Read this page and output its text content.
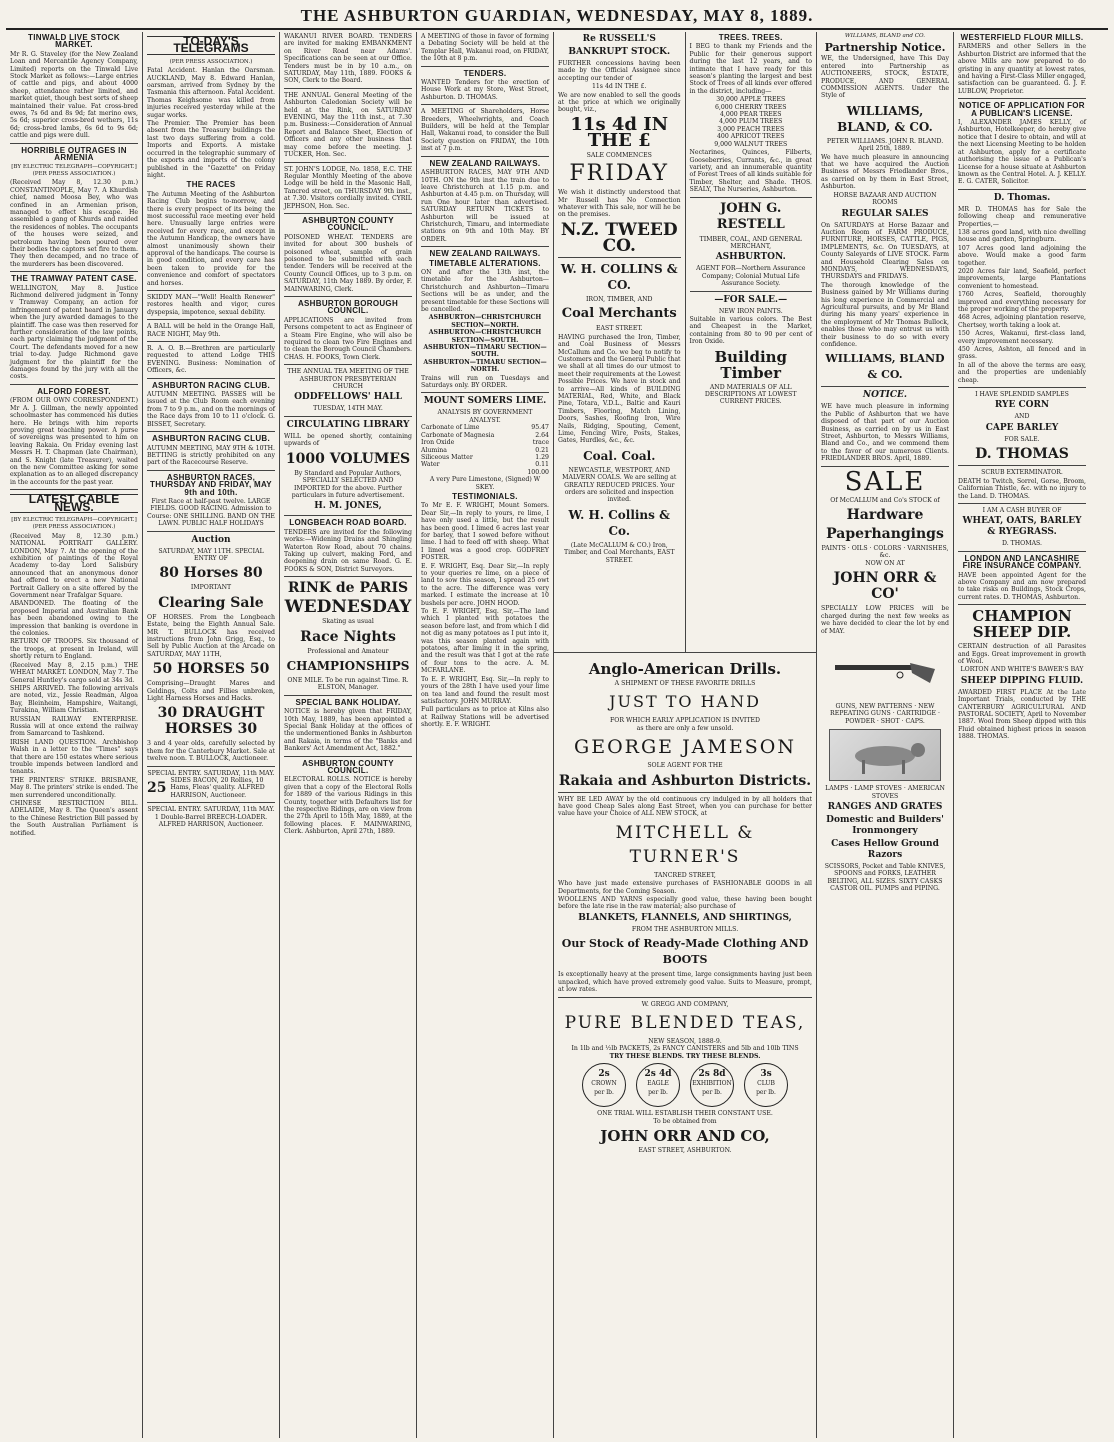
THE ASHBURTON GUARDIAN, WEDNESDAY, MAY 8, 1889.
TINWALD LIVE STOCK MARKET.
Mr R. G. Staveley (for the New Zealand Loan and Mercantile Agency Company, Limited) reports on the Tinwald Live Stock Market as follows:—Large entries of cattle and pigs, and about 4000 sheep, attendance rather limited, and market quiet, though best sorts of sheep maintained their value. Fat cross-bred ewes, 7s 6d and 8s 9d; fat merino ews, 5s 6d; superior cross-bred wethers, 11s 6d; cross-bred lambs, 6s 6d to 9s 6d; cattle and pigs were dull.
HORRIBLE OUTRAGES IN ARMENIA
[BY ELECTRIC TELEGRAPH—COPYRIGHT.] (PER PRESS ASSOCIATION.)
(Received May 8, 12.30 p.m.) CONSTANTINOPLE, May 7. A Khurdish chief, named Moosa Bey, who was confined in an Armenian prison, managed to effect his escape. He assembled a gang of Khurds and raided the residences of nobles. The occupants of the houses were seized, and petroleum having been poured over their bodies the captors set fire to them. They then decamped, and no trace of the murderers has been discovered.
THE TRAMWAY PATENT CASE.
WELLINGTON, May 8. Justice Richmond delivered judgment in Tonny v Tramway Company, an action for infringement of patent heard in January when the jury awarded damages to the plaintiff. The case was then reserved for further consideration of the law points, each party claiming the judgment of the Court. The defendants moved for a new trial to-day. Judge Richmond gave judgment for the plaintiff for the damages found by the jury with all the costs.
ALFORD FOREST.
(FROM OUR OWN CORRESPONDENT.) Mr A. J. Gillman, the newly appointed schoolmaster has commenced his duties here. He brings with him reports proving great teaching power. A purse of sovereigns was presented to him on leaving Rakaia. On Friday evening last Messrs H. T. Chapman (late Chairman), and S. Knight (late Treasurer), waited on the new Committee asking for some explanation as to an alleged discrepancy in the accounts for the past year.
LATEST CABLE NEWS.
[BY ELECTRIC TELEGRAPH—COPYRIGHT.] (PER PRESS ASSOCIATION.)
(Received May 8, 12.30 p.m.) NATIONAL PORTRAIT GALLERY. LONDON, May 7. At the opening of the exhibition of paintings of the Royal Academy to-day Lord Salisbury announced that an anonymous donor had offered to erect a new National Portrait Gallery on a site offered by the Government near Trafalgar Square.
ABANDONED. The floating of the proposed Imperial and Australian Bank has been abandoned owing to the impression that banking is overdone in the colonies.
RETURN OF TROOPS. Six thousand of the troops, at present in Ireland, will shortly return to England.
(Received May 8, 2.15 p.m.) THE WHEAT MARKET. LONDON, May 7. The General Huntley's cargo sold at 34s 3d.
SHIPS ARRIVED. The following arrivals are noted, viz., Jessie Readman, Algoa Bay, Bleinheim, Hampshire, Waitangi, Turakina, William Christian.
RUSSIAN RAILWAY ENTERPRISE. Russia will at once extend the railway from Samarcand to Tashkend.
IRISH LAND QUESTION. Archbishop Walsh in a letter to the "Times" says that there are 150 estates where serious trouble impends between landlord and tenants.
THE PRINTERS' STRIKE. BRISBANE, May 8. The printers' strike is ended. The men surrendered unconditionally.
CHINESE RESTRICTION BILL. ADELAIDE, May 8. The Queen's assent to the Chinese Restriction Bill passed by the South Australian Parliament is notified.
TO-DAY'S TELEGRAMS
(PER PRESS ASSOCIATION.)
Fatal Accident. Hanlan the Oarsman. AUCKLAND, May 8. Edward Hanlan, oarsman, arrived from Sydney by the Tasmania this afternoon. Fatal Accident. Thomas Keighsome was killed from injuries received yesterday while at the sugar works.
The Premier. The Premier has been absent from the Treasury buildings the last two days suffering from a cold. Imports and Exports. A mistake occurred in the telegraphic summary of the exports and imports of the colony published in the "Gazette" on Friday night.
THE RACES
The Autumn Meeting of the Ashburton Racing Club begins to-morrow, and there is every prospect of its being the most successful race meeting ever held here. Unusually large entries were received for every race, and except in the Autumn Handicap, the owners have almost unanimously shown their approval of the handicaps. The course is in good condition, and every care has been taken to provide for the convenience and comfort of spectators and horses.
SKIDDY MAN—"Well! Health Renewer" restores health and vigor, cures dyspepsia, impotence, sexual debility.
A BALL will be held in the Orange Hall, RACE NIGHT, May 9th.
R. A. O. B.—Brethren are particularly requested to attend Lodge THIS EVENING. Business: Nomination of Officers, &c.
ASHBURTON RACING CLUB.
AUTUMN MEETING. PASSES will be issued at the Club Room each evening from 7 to 9 p.m., and on the mornings of the Race days from 10 to 11 o'clock. G. BISSET, Secretary.
ASHBURTON RACING CLUB.
AUTUMN MEETING, MAY 9TH & 10TH. BETTING is strictly prohibited on any part of the Racecourse Reserve.
ASHBURTON RACES, THURSDAY AND FRIDAY, MAY 9th and 10th.
First Race at half-past twelve. LARGE FIELDS. GOOD RACING. Admission to Course: ONE SHILLING. BAND ON THE LAWN. PUBLIC HALF HOLIDAYS
Auction
SATURDAY, MAY 11TH. SPECIAL ENTRY OF
80 Horses 80
IMPORTANT
Clearing Sale
OF HORSES. From the Longbeach Estate, being the Eighth Annual Sale. MR T. BULLOCK has received instructions from John Grigg, Esq., to Sell by Public Auction at the Arcade on SATURDAY, MAY 11TH,
50 HORSES 50
Comprising—Draught Mares and Geldings, Colts and Fillies unbroken, Light Harness Horses and Hacks.
30 DRAUGHT HORSES 30
3 and 4 year olds, carefully selected by them for the Canterbury Market. Sale at twelve noon. T. BULLOCK, Auctioneer.
SPECIAL ENTRY. SATURDAY, 11th MAY.
25 SIDES BACON, 20 Rollies, 10 Hams, Fleas' quality. ALFRED HARRISON, Auctioneer.
SPECIAL ENTRY. SATURDAY, 11th MAY. 1 Double-Barrel BREECH-LOADER. ALFRED HARRISON, Auctioneer.
WAKANUI RIVER BOARD. TENDERS are invited for making EMBANKMENT on River Road near Adams'. Specifications can be seen at our Office. Tenders must be in by 10 a.m., on SATURDAY, May 11th, 1889. FOOKS & SON, Clerk to the Board.
THE ANNUAL General Meeting of the Ashburton Caledonian Society will be held at the Rink, on SATURDAY EVENING, May the 11th inst., at 7.30 p.m. Business:—Consideration of Annual Report and Balance Sheet, Election of Officers and any other business that may come before the meeting. J. TUCKER, Hon. Sec.
ST. JOHN'S LODGE, No. 1858, E.C. THE Regular Monthly Meeting of the above Lodge will be held in the Masonic Hall, Tancred street, on THURSDAY 9th inst., at 7.30. Visitors cordially invited. CYRIL JEPHSON, Hon. Sec.
ASHBURTON COUNTY COUNCIL.
POISONED WHEAT. TENDERS are invited for about 300 bushels of poisoned wheat, sample of grain poisoned to be submitted with each tender. Tenders will be received at the County Council Offices, up to 3 p.m. on SATURDAY, 11th May 1889. By order, F. MAINWARING, Clerk.
ASHBURTON BOROUGH COUNCIL.
APPLICATIONS are invited from Persons competent to act as Engineer of a Steam Fire Engine, who will also be required to clean two Fire Engines and to clean the Borough Council Chambers. CHAS. H. FOOKS, Town Clerk.
THE ANNUAL TEA MEETING OF THE ASHBURTON PRESBYTERIAN CHURCH
ODDFELLOWS' HALL
TUESDAY, 14TH MAY.
CIRCULATING LIBRARY
WILL be opened shortly, containing upwards of
1000 VOLUMES
By Standard and Popular Authors, SPECIALLY SELECTED AND IMPORTED for the above. Further particulars in future advertisement.
H. M. JONES,
LONGBEACH ROAD BOARD.
TENDERS are invited for the following works:—Widening Drains and Shingling Waterton Row Road, about 70 chains. Taking up culvert, making Ford, and deepening drain on same Road. G. E. FOOKS & SON, District Surveyors.
RINK de PARIS
WEDNESDAY
Skating as usual
Race Nights
Professional and Amateur
CHAMPIONSHIPS
ONE MILE. To be run against Time. R. ELSTON, Manager.
SPECIAL BANK HOLIDAY.
NOTICE is hereby given that FRIDAY, 10th May, 1889, has been appointed a Special Bank Holiday at the offices of the undermentioned Banks in Ashburton and Rakaia, in terms of the "Banks and Bankers' Act Amendment Act, 1882."
ASHBURTON COUNTY COUNCIL.
ELECTORAL ROLLS. NOTICE is hereby given that a copy of the Electoral Rolls for 1889 of the various Ridings in this County, together with Defaulters list for the respective Ridings, are on view from the 27th April to 15th May, 1889, at the following places. F. MAINWARING, Clerk. Ashburton, April 27th, 1889.
A MEETING of those in favor of forming a Debating Society will be held at the Templar Hall, Wakanui road, on FRIDAY, the 10th at 8 p.m.
TENDERS.
WANTED Tenders for the erection of House Work at my Store, West Street, Ashburton. D. THOMAS.
A MEETING of Shareholders, Horse Breeders, Wheelwrights, and Coach Builders, will be held at the Templar Hall, Wakanui road, to consider the Bull Society question on FRIDAY, the 10th inst at 7 p.m.
NEW ZEALAND RAILWAYS.
ASHBURTON RACES, MAY 9TH AND 10TH. ON the 9th inst the train due to leave Christchurch at 1.15 p.m. and Ashburton at 4.45 p.m. on Thursday, will run One hour later than advertised. SATURDAY RETURN TICKETS to Ashburton will be issued at Christchurch, Timaru, and intermediate stations on 9th and 10th May. BY ORDER.
NEW ZEALAND RAILWAYS.
TIMETABLE ALTERATIONS.
ON and after the 13th inst, the timetable for the Ashburton—Christchurch and Ashburton—Timaru Sections will be as under, and the present timetable for these Sections will be cancelled.
ASHBURTON—CHRISTCHURCH SECTION—NORTH.
ASHBURTON—CHRISTCHURCH SECTION—SOUTH.
ASHBURTON—TIMARU SECTION—SOUTH.
ASHBURTON—TIMARU SECTION—NORTH.
Trains will run on Tuesdays and Saturdays only. BY ORDER.
MOUNT SOMERS LIME.
ANALYSIS BY GOVERNMENT ANALYST.
Carbonate of Lime	95.47
Carbonate of Magnesia	2.64
Iron Oxide	trace
Alumina	0.21
Siliceous Matter	1.29
Water	0.11
100.00
A very Pure Limestone, (Signed) W SKEY.
TESTIMONIALS.
To Mr E. F. WRIGHT, Mount Somers. Dear Sir,—In reply to yours, re lime, I have only used a little, but the result has been good. I limed 6 acres last year for barley, that I sowed before without lime. I had to feed off with sheep. What I limed was a good crop. GODFREY FOSTER.
E. F. WRIGHT, Esq. Dear Sir,—In reply to your queries re lime, on a piece of land to sow this season, I spread 25 owt to the acre. The difference was very marked. I estimate the increase at 10 bushels per acre. JOHN HOOD.
To E. F. WRIGHT, Esq. Sir,—The land which I planted with potatoes the season before last, and from which I did not dig as many potatoes as I put into it, was this season planted again with potatoes, after liming it in the spring, and the result was that I got at the rate of four tons to the acre. A. M. MCFARLANE.
To E. F. WRIGHT, Esq. Sir,—In reply to yours of the 28th I have used your lime on tea land and found the result most satisfactory. JOHN MURRAY.
Full particulars as to price at Kilns also at Railway Stations will be advertised shortly. E. F. WRIGHT.
Re RUSSELL'S
BANKRUPT STOCK.
FURTHER concessions having been made by the Official Assignee since accepting our tender of
11s 4d IN THE £.
We are now enabled to sell the goods at the price at which we originally bought, viz.,
11s 4d IN THE £
SALE COMMENCES
FRIDAY
We wish it distinctly understood that Mr Russell has No Connection whatever with This sale, nor will he be on the premises.
N.Z. TWEED CO.
W. H. COLLINS & CO.
IRON, TIMBER, AND
Coal Merchants
EAST STREET.
HAVING purchased the Iron, Timber, and Coal Business of Messrs McCallum and Co. we beg to notify to Customers and the General Public that we shall at all times do our utmost to meet their requirements at the Lowest Possible Prices. We have in stock and to arrive—All kinds of BUILDING MATERIAL, Red, White, and Black Pine, Totara, V.D.L., Baltic and Kauri Timbers, Flooring, Match Lining, Doors, Sashes, Roofing Iron, Wire Nails, Ridging, Spouting, Cement, Lime, Fencing Wire, Posts, Stakes, Gates, Hurdles, &c., &c.
Coal. Coal.
NEWCASTLE, WESTPORT, AND MALVERN COALS. We are selling at GREATLY REDUCED PRICES. Your orders are solicited and inspection invited.
W. H. Collins & Co.
(Late McCALLUM & CO.) Iron, Timber, and Coal Merchants, EAST STREET.
TREES. TREES.
I BEG to thank my Friends and the Public for their generous support during the last 12 years, and to intimate that I have ready for this season's planting the largest and best Stock of Trees of all kinds ever offered in the district, including—
30,000 APPLE TREES
6,000 CHERRY TREES
4,000 PEAR TREES
4,000 PLUM TREES
3,000 PEACH TREES
400 APRICOT TREES
9,000 WALNUT TREES
Nectarines, Quinces, Filberts, Gooseberries, Currants, &c., in great variety, and an innumerable quantity of Forest Trees of all kinds suitable for Timber, Shelter, and Shade. THOS. SEALY, The Nurseries, Ashburton.
JOHN G. RESTELL
TIMBER, COAL, AND GENERAL MERCHANT,
ASHBURTON.
AGENT FOR—Northern Assurance Company; Colonial Mutual Life Assurance Society.
—FOR SALE.—
NEW IRON PAINTS.
Suitable in various colors. The Best and Cheapest in the Market, containing from 80 to 90 per cent of Iron Oxide.
Building Timber
AND MATERIALS OF ALL DESCRIPTIONS AT LOWEST CURRENT PRICES.
Anglo-American Drills.
A SHIPMENT OF THESE FAVORITE DRILLS
JUST TO HAND
FOR WHICH EARLY APPLICATION IS INVITED
as there are only a few unsold.
GEORGE JAMESON
SOLE AGENT FOR THE
Rakaia and Ashburton Districts.
WHY BE LED AWAY by the old continuous cry indulged in by all holders that have good Cheap Sales along East Street, when you can purchase for better value have your Choice of ALL NEW STOCK, at
MITCHELL & TURNER'S
TANCRED STREET,
Who have just made extensive purchases of FASHIONABLE GOODS in all Departments, for the Coming Season.
WOOLLENS AND YARNS especially good value, these having been bought before the late rise in the raw material; also purchase of
BLANKETS, FLANNELS, AND SHIRTINGS,
FROM THE ASHBURTON MILLS.
Our Stock of Ready-Made Clothing AND BOOTS
Is exceptionally heavy at the present time, large consignments having just been unpacked, which have proved extremely good value. Suits to Measure, prompt, at low rates.
W. GREGG AND COMPANY,
PURE BLENDED TEAS,
NEW SEASON, 1888-9.
In 1lb and ½lb PACKETS, 2s FANCY CANISTERS and 5lb and 10lb TINS
TRY THESE BLENDS. TRY THESE BLENDS.
2s
CROWN
per lb.
2s 4d
EAGLE
per lb.
2s 8d
EXHIBITION
per lb.
3s
CLUB
per lb.
ONE TRIAL WILL ESTABLISH THEIR CONSTANT USE.
To be obtained from
JOHN ORR AND CO,
EAST STREET, ASHBURTON.
WILLIAMS, BLAND and CO.
Partnership Notice.
WE, the Undersigned, have This Day entered into Partnership as AUCTIONEERS, STOCK, ESTATE, PRODUCE, AND GENERAL COMMISSION AGENTS. Under the Style of
WILLIAMS, BLAND, & CO.
PETER WILLIAMS. JOHN R. BLAND. April 25th, 1889.
We have much pleasure in announcing that we have acquired the Auction Business of Messrs Friedlander Bros., as carried on by them in East Street, Ashburton.
HORSE BAZAAR AND AUCTION ROOMS
REGULAR SALES
On SATURDAYS at Horse Bazaar and Auction Room of FARM PRODUCE, FURNITURE, HORSES, CATTLE, PIGS, IMPLEMENTS, &c. On TUESDAYS, at County Saleyards of LIVE STOCK. Farm and Household Clearing Sales on MONDAYS, WEDNESDAYS, THURSDAYS and FRIDAYS.
The thorough knowledge of the Business gained by Mr Williams during his long experience in Commercial and Agricultural pursuits, and by Mr Bland during his many years' experience in the employment of Mr Thomas Bullock, enables those who may entrust us with their business to do so with every confidence.
WILLIAMS, BLAND & CO.
NOTICE.
WE have much pleasure in informing the Public of Ashburton that we have disposed of that part of our Auction Business, as carried on by us in East Street, Ashburton, to Messrs Williams, Bland and Co., and we commend them to the favor of our numerous Clients. FRIEDLANDER BROS. April, 1889.
SALE
Of McCALLUM and Co's STOCK of
Hardware
Paperhangings
PAINTS · OILS · COLORS · VARNISHES, &c.
NOW ON AT
JOHN ORR & CO'
SPECIALLY LOW PRICES will be charged during the next few weeks as we have decided to clear the lot by end of MAY.
GUNS, NEW PATTERNS · NEW REPEATING GUNS · CARTRIDGE · POWDER · SHOT · CAPS.
LAMPS · LAMP STOVES · AMERICAN STOVES
RANGES AND GRATES
Domestic and Builders' Ironmongery
Cases Hellow Ground Razors
SCISSORS, Pocket and Table KNIVES, SPOONS and FORKS, LEATHER BELTING, ALL SIZES. SIXTY CASKS CASTOR OIL. PUMPS and PIPING.
WESTERFIELD FLOUR MILLS.
FARMERS and other Sellers in the Ashburton District are informed that the above Mills are now prepared to do gristing in any quantity at lowest rates, and having a First-Class Miller engaged, satisfaction can be guaranteed. G. J. F. LUBLOW, Proprietor.
NOTICE OF APPLICATION FOR A PUBLICAN'S LICENSE.
I, ALEXANDER JAMES KELLY, of Ashburton, Hotelkeeper, do hereby give notice that I desire to obtain, and will at the next Licensing Meeting to be holden at Ashburton, apply for a certificate authorising the issue of a Publican's License for a house situate at Ashburton known as the Central Hotel. A. J. KELLY. E. G. CATER, Solicitor.
D. Thomas.
MR D. THOMAS has for Sale the following cheap and remunerative Properties,—
138 acres good land, with nice dwelling house and garden, Springburn.
107 Acres good land adjoining the above. Would make a good farm together.
2020 Acres fair land, Seafield, perfect improvements, large Plantations convenient to homestead.
1760 Acres, Seafield, thoroughly improved and everything necessary for the proper working of the property.
468 Acres, adjoining plantation reserve, Chertsey, worth taking a look at.
150 Acres, Wakanui, first-class land, every improvement necessary.
450 Acres, Ashton, all fenced and in grass.
In all of the above the terms are easy, and the properties are undeniably cheap.
I HAVE SPLENDID SAMPLES
RYE CORN
AND
CAPE BARLEY
FOR SALE.
D. THOMAS
SCRUB EXTERMINATOR.
DEATH to Twitch, Sorrel, Gorse, Broom, Californian Thistle, &c. with no injury to the Land. D. THOMAS.
I AM A CASH BUYER OF
WHEAT, OATS, BARLEY & RYEGRASS.
D. THOMAS.
LONDON AND LANCASHIRE FIRE INSURANCE COMPANY.
HAVE been appointed Agent for the above Company and am now prepared to take risks on Buildings, Stock Crops, current rates. D. THOMAS, Ashburton.
CHAMPION SHEEP DIP.
CERTAIN destruction of all Parasites and Eggs. Great improvement in growth of Wool.
LORTON AND WHITE'S BAWER'S BAY
SHEEP DIPPING FLUID.
AWARDED FIRST PLACE At the Late Important Trials, conducted by THE CANTERBURY AGRICULTURAL AND PASTORAL SOCIETY, April to November 1887. Wool from Sheep dipped with this Fluid obtained highest prices in season 1888. THOMAS.
